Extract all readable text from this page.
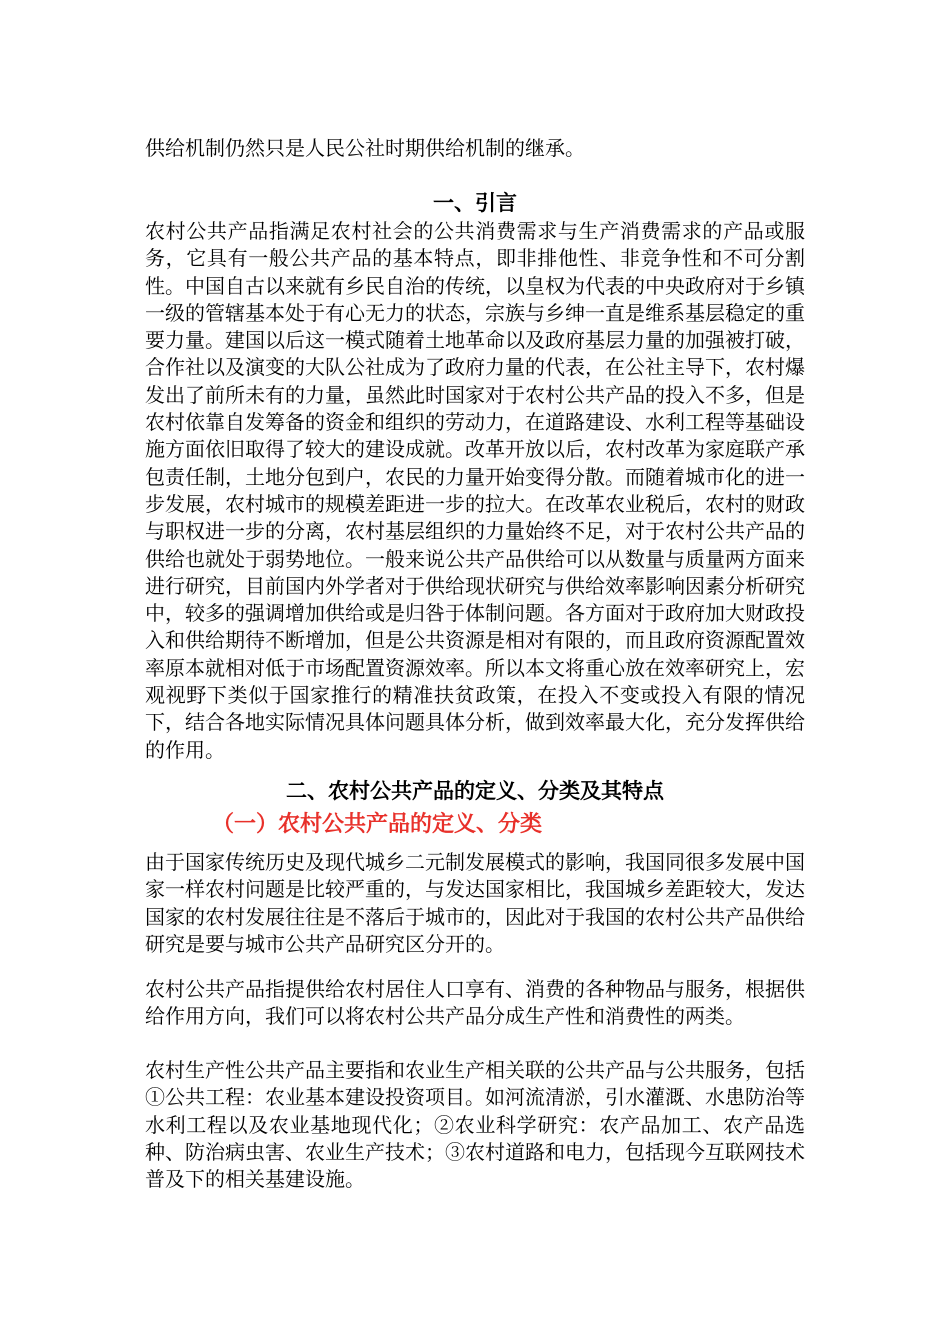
供给机制仍然只是人民公社时期供给机制的继承。

一、引言

农村公共产品指满足农村社会的公共消费需求与生产消费需求的产品或服务，它具有一般公共产品的基本特点，即非排他性、非竞争性和不可分割性。中国自古以来就有乡民自治的传统，以皇权为代表的中央政府对于乡镇一级的管辖基本处于有心无力的状态，宗族与乡绅一直是维系基层稳定的重要力量。建国以后这一模式随着土地革命以及政府基层力量的加强被打破，合作社以及演变的大队公社成为了政府力量的代表，在公社主导下，农村爆发出了前所未有的力量，虽然此时国家对于农村公共产品的投入不多，但是农村依靠自发筹备的资金和组织的劳动力，在道路建设、水利工程等基础设施方面依旧取得了较大的建设成就。改革开放以后，农村改革为家庭联产承包责任制，土地分包到户，农民的力量开始变得分散。而随着城市化的进一步发展，农村城市的规模差距进一步的拉大。在改革农业税后，农村的财政与职权进一步的分离，农村基层组织的力量始终不足，对于农村公共产品的供给也就处于弱势地位。一般来说公共产品供给可以从数量与质量两方面来进行研究，目前国内外学者对于供给现状研究与供给效率影响因素分析研究中，较多的强调增加供给或是归咎于体制问题。各方面对于政府加大财政投入和供给期待不断增加，但是公共资源是相对有限的，而且政府资源配置效率原本就相对低于市场配置资源效率。所以本文将重心放在效率研究上，宏观视野下类似于国家推行的精准扶贫政策，在投入不变或投入有限的情况下，结合各地实际情况具体问题具体分析，做到效率最大化，充分发挥供给的作用。

二、农村公共产品的定义、分类及其特点
（一）农村公共产品的定义、分类

由于国家传统历史及现代城乡二元制发展模式的影响，我国同很多发展中国家一样农村问题是比较严重的，与发达国家相比，我国城乡差距较大，发达国家的农村发展往往是不落后于城市的，因此对于我国的农村公共产品供给研究是要与城市公共产品研究区分开的。

农村公共产品指提供给农村居住人口享有、消费的各种物品与服务，根据供给作用方向，我们可以将农村公共产品分成生产性和消费性的两类。

农村生产性公共产品主要指和农业生产相关联的公共产品与公共服务，包括①公共工程：农业基本建设投资项目。如河流清淤，引水灌溉、水患防治等水利工程以及农业基地现代化；②农业科学研究：农产品加工、农产品选种、防治病虫害、农业生产技术；③农村道路和电力，包括现今互联网技术普及下的相关基建设施。
